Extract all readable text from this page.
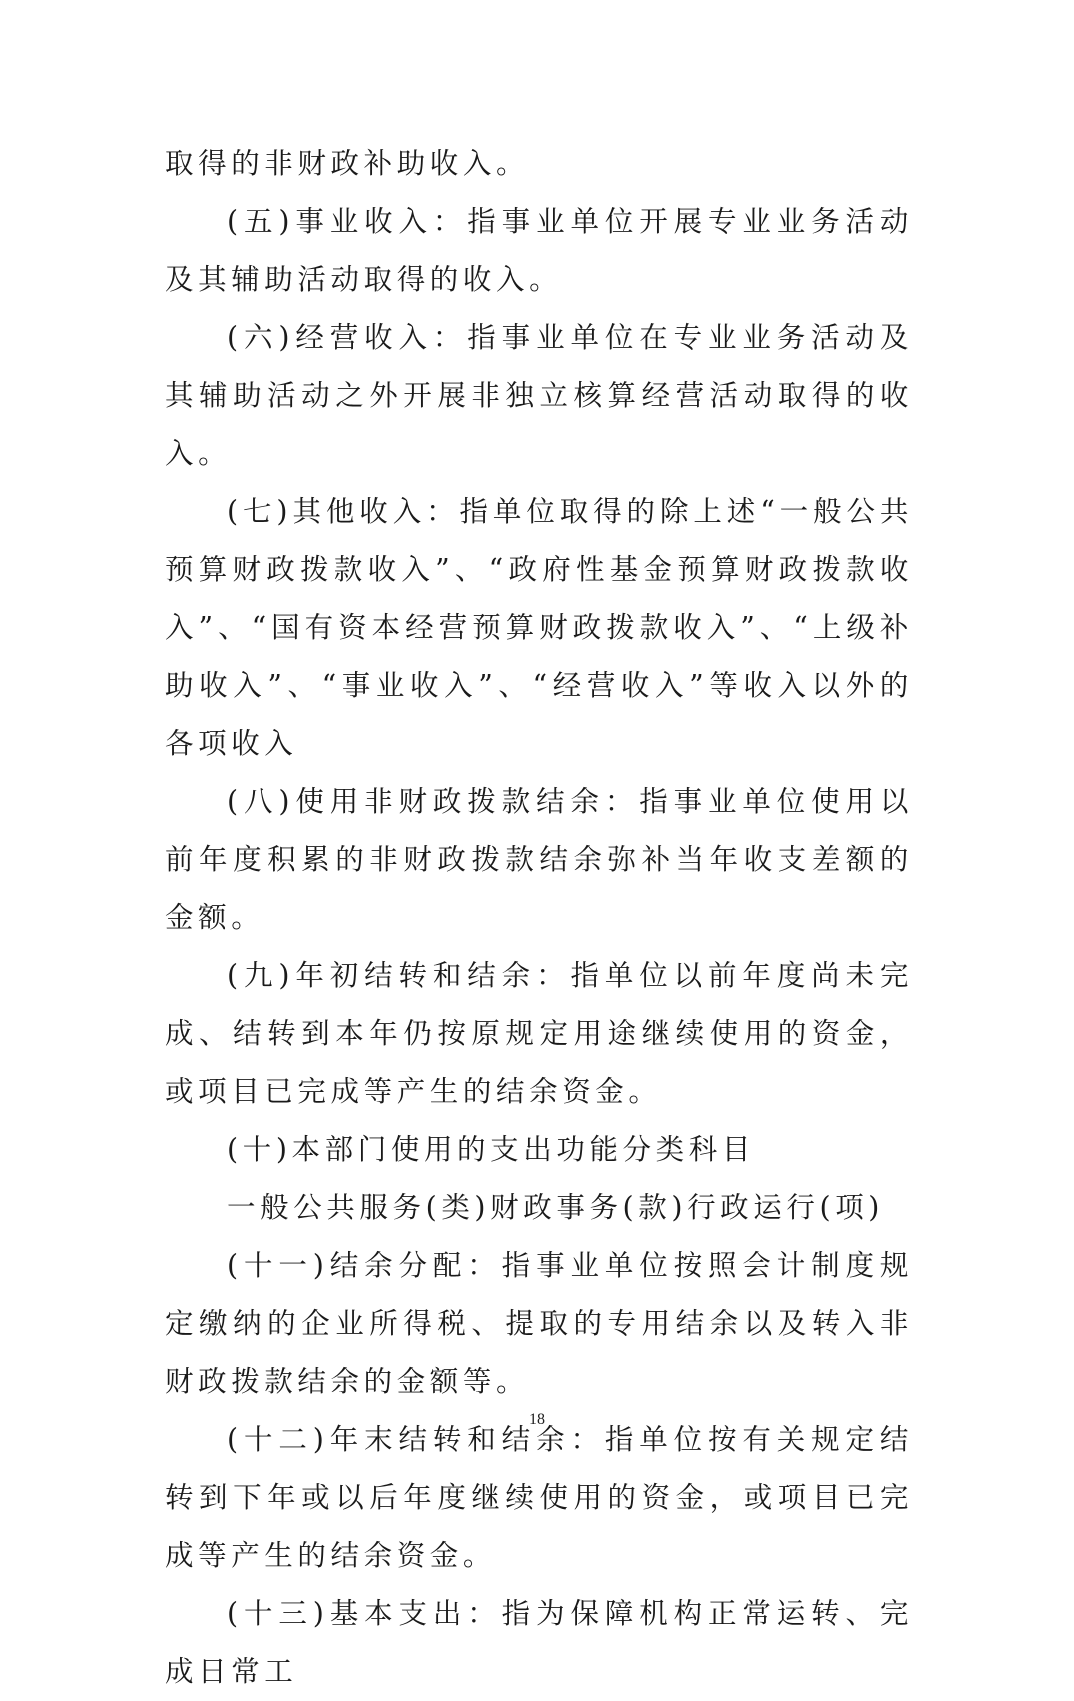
取得的非财政补助收入。

(五)事业收入：指事业单位开展专业业务活动及其辅助活动取得的收入。

(六)经营收入：指事业单位在专业业务活动及其辅助活动之外开展非独立核算经营活动取得的收入。

(七)其他收入：指单位取得的除上述“一般公共预算财政拨款收入”、“政府性基金预算财政拨款收入”、“国有资本经营预算财政拨款收入”、“上级补助收入”、“事业收入”、“经营收入”等收入以外的各项收入

(八)使用非财政拨款结余：指事业单位使用以前年度积累的非财政拨款结余弥补当年收支差额的金额。

(九)年初结转和结余：指单位以前年度尚未完成、结转到本年仍按原规定用途继续使用的资金，或项目已完成等产生的结余资金。

(十)本部门使用的支出功能分类科目

一般公共服务(类)财政事务(款)行政运行(项)

(十一)结余分配：指事业单位按照会计制度规定缴纳的企业所得税、提取的专用结余以及转入非财政拨款结余的金额等。

(十二)年末结转和结余：指单位按有关规定结转到下年或以后年度继续使用的资金，或项目已完成等产生的结余资金。

(十三)基本支出：指为保障机构正常运转、完成日常工

18
